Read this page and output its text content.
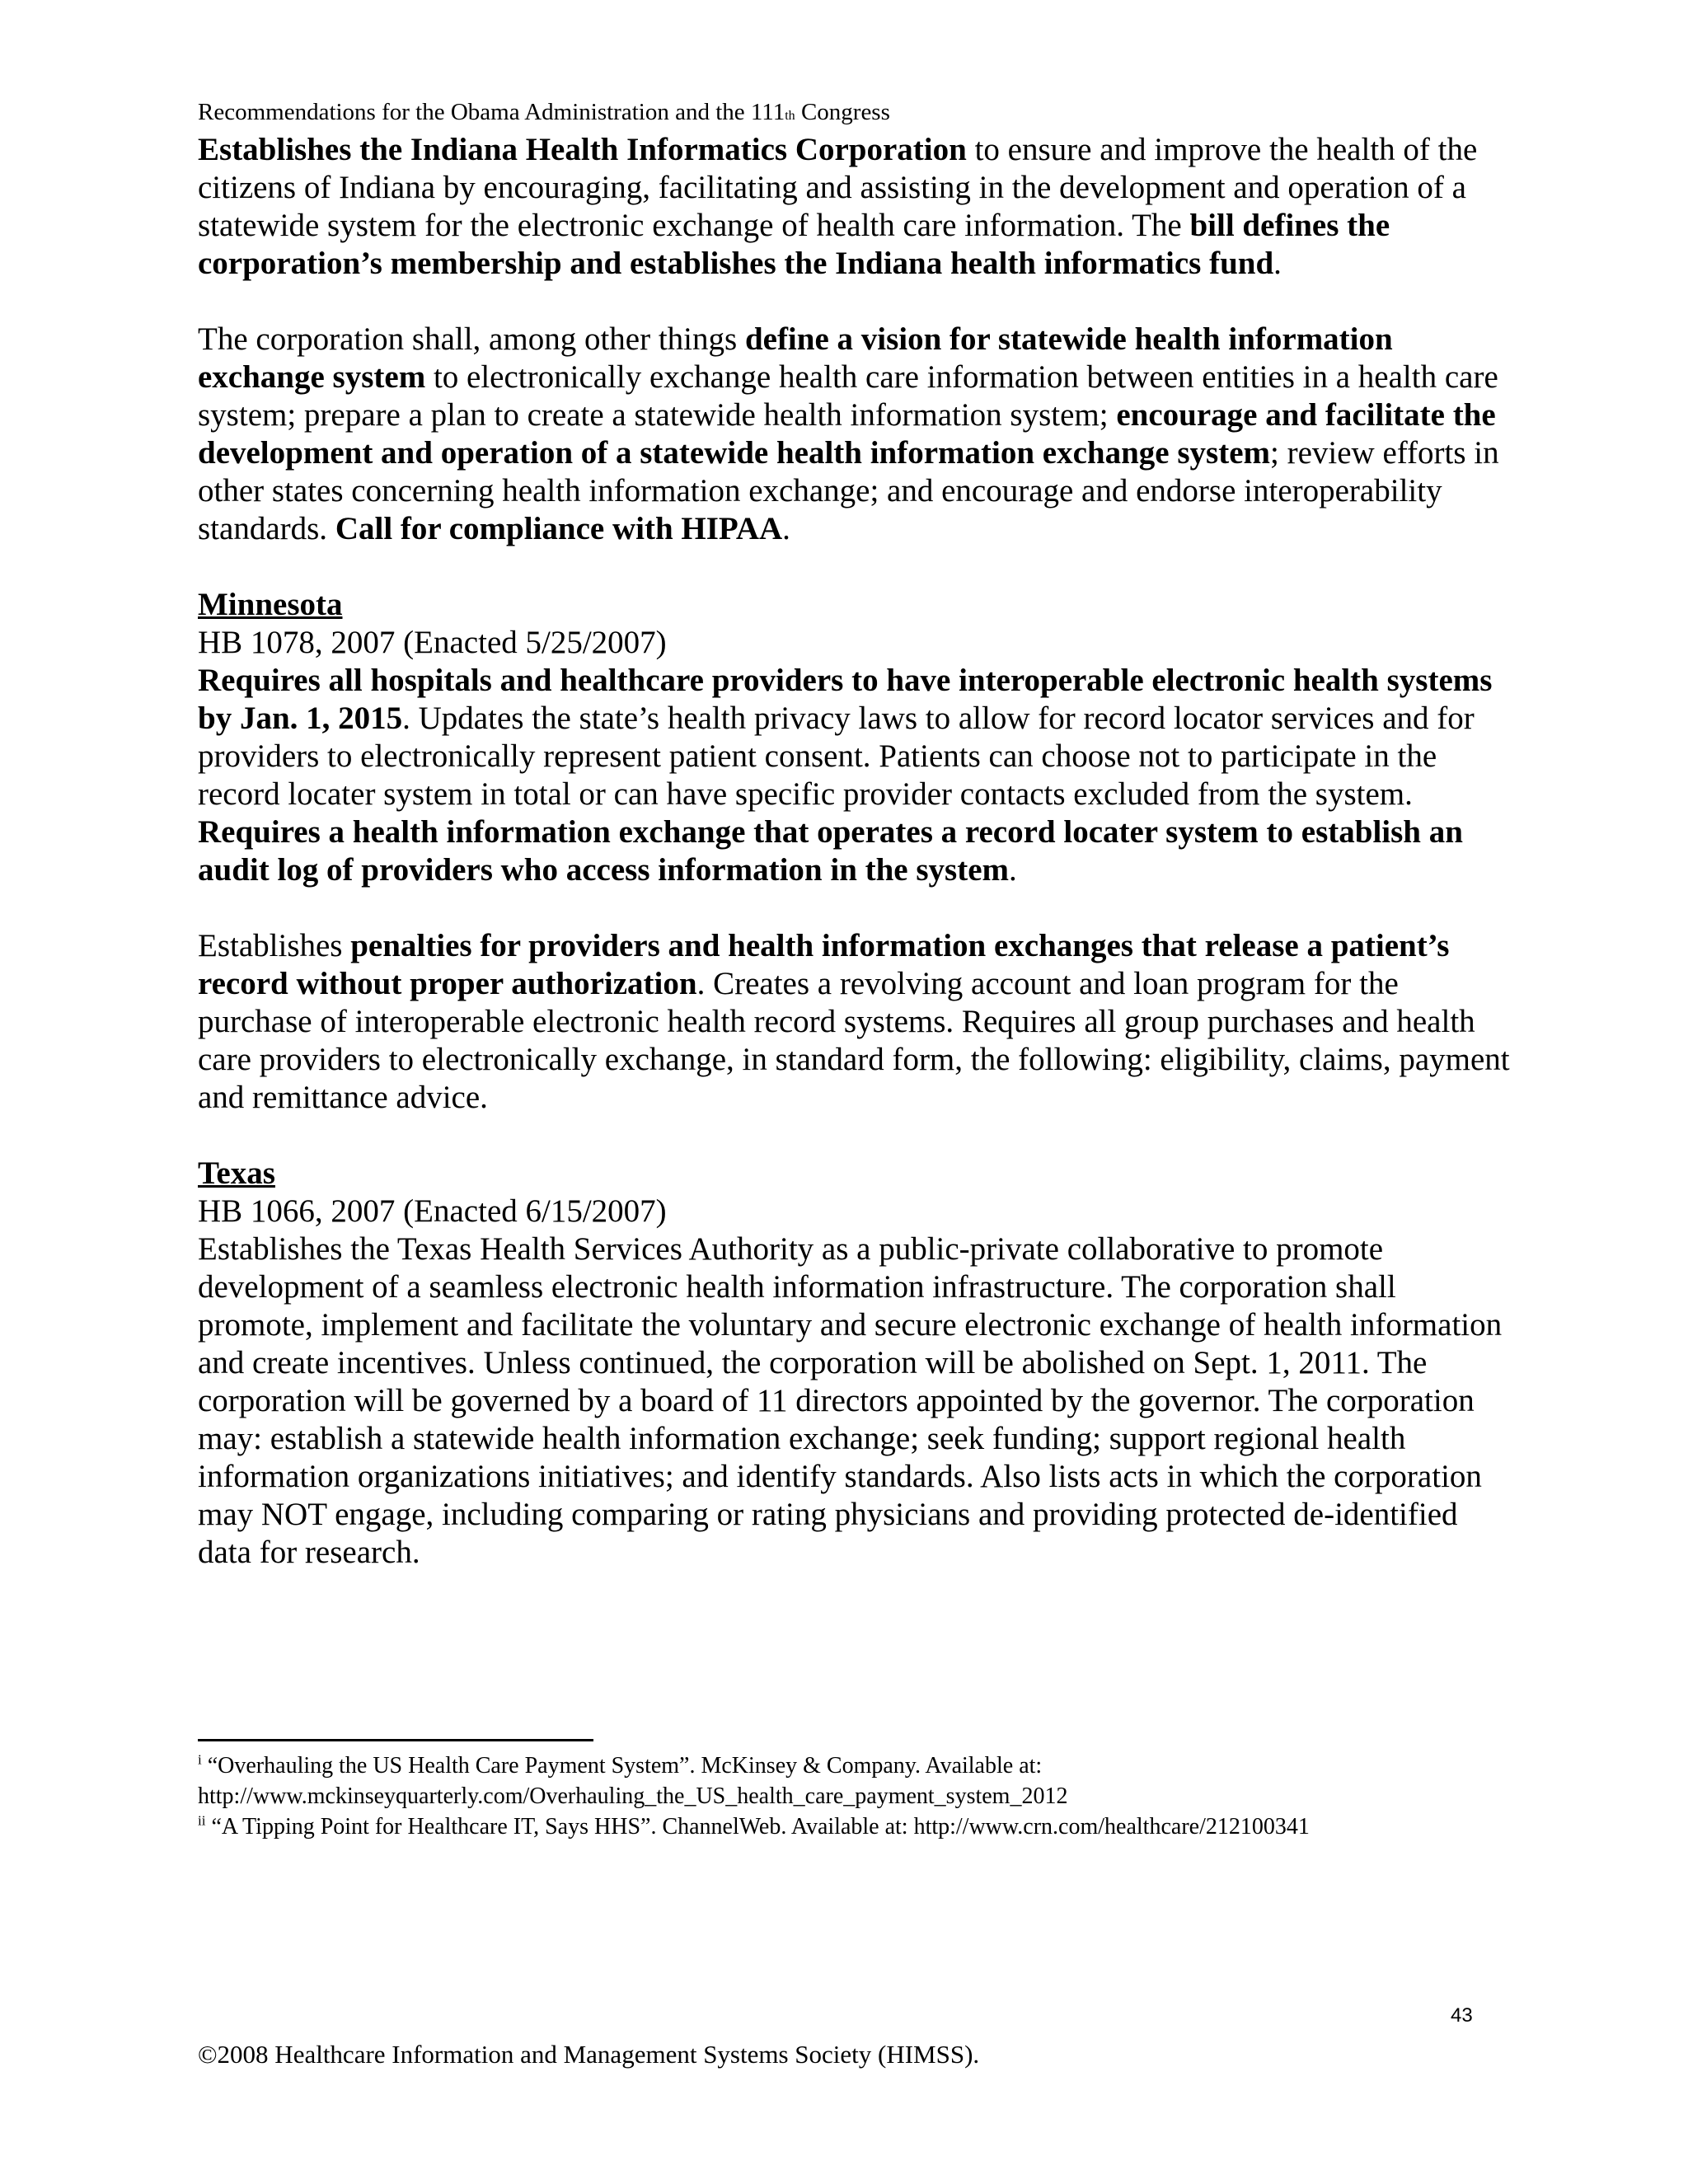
Recommendations for the Obama Administration and the 111th Congress

Establishes the Indiana Health Informatics Corporation to ensure and improve the health of the citizens of Indiana by encouraging, facilitating and assisting in the development and operation of a statewide system for the electronic exchange of health care information. The bill defines the corporation’s membership and establishes the Indiana health informatics fund.

The corporation shall, among other things define a vision for statewide health information exchange system to electronically exchange health care information between entities in a health care system; prepare a plan to create a statewide health information system; encourage and facilitate the development and operation of a statewide health information exchange system; review efforts in other states concerning health information exchange; and encourage and endorse interoperability standards. Call for compliance with HIPAA.

Minnesota

HB 1078, 2007 (Enacted 5/25/2007)

Requires all hospitals and healthcare providers to have interoperable electronic health systems by Jan. 1, 2015. Updates the state’s health privacy laws to allow for record locator services and for providers to electronically represent patient consent. Patients can choose not to participate in the record locater system in total or can have specific provider contacts excluded from the system. Requires a health information exchange that operates a record locater system to establish an audit log of providers who access information in the system.

Establishes penalties for providers and health information exchanges that release a patient’s record without proper authorization. Creates a revolving account and loan program for the purchase of interoperable electronic health record systems. Requires all group purchases and health care providers to electronically exchange, in standard form, the following: eligibility, claims, payment and remittance advice.

Texas

HB 1066, 2007 (Enacted 6/15/2007)

Establishes the Texas Health Services Authority as a public-private collaborative to promote development of a seamless electronic health information infrastructure. The corporation shall promote, implement and facilitate the voluntary and secure electronic exchange of health information and create incentives. Unless continued, the corporation will be abolished on Sept. 1, 2011. The corporation will be governed by a board of 11 directors appointed by the governor. The corporation may: establish a statewide health information exchange; seek funding; support regional health information organizations initiatives; and identify standards. Also lists acts in which the corporation may NOT engage, including comparing or rating physicians and providing protected de-identified data for research.

$^i$ “Overhauling the US Health Care Payment System”. McKinsey & Company. Available at: http://www.mckinseyquarterly.com/Overhauling_the_US_health_care_payment_system_2012
$^{ii}$ “A Tipping Point for Healthcare IT, Says HHS”. ChannelWeb. Available at: http://www.crn.com/healthcare/212100341
43
©2008 Healthcare Information and Management Systems Society (HIMSS).
